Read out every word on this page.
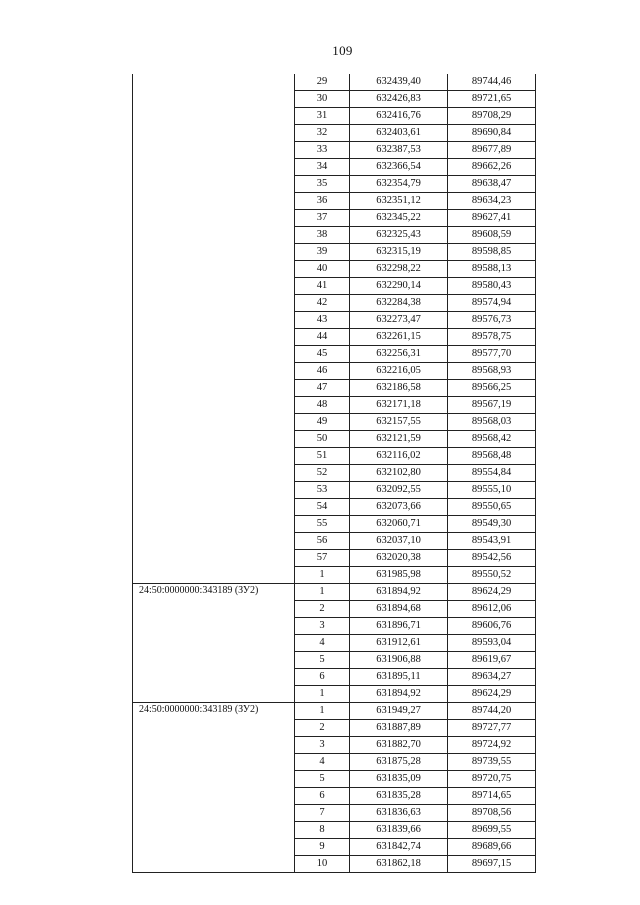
109
	29	632439,40	89744,46
	30	632426,83	89721,65
	31	632416,76	89708,29
	32	632403,61	89690,84
	33	632387,53	89677,89
	34	632366,54	89662,26
	35	632354,79	89638,47
	36	632351,12	89634,23
	37	632345,22	89627,41
	38	632325,43	89608,59
	39	632315,19	89598,85
	40	632298,22	89588,13
	41	632290,14	89580,43
	42	632284,38	89574,94
	43	632273,47	89576,73
	44	632261,15	89578,75
	45	632256,31	89577,70
	46	632216,05	89568,93
	47	632186,58	89566,25
	48	632171,18	89567,19
	49	632157,55	89568,03
	50	632121,59	89568,42
	51	632116,02	89568,48
	52	632102,80	89554,84
	53	632092,55	89555,10
	54	632073,66	89550,65
	55	632060,71	89549,30
	56	632037,10	89543,91
	57	632020,38	89542,56
	1	631985,98	89550,52
24:50:0000000:343189 (ЗУ2)	1	631894,92	89624,29
	2	631894,68	89612,06
	3	631896,71	89606,76
	4	631912,61	89593,04
	5	631906,88	89619,67
	6	631895,11	89634,27
	1	631894,92	89624,29
24:50:0000000:343189 (ЗУ2)	1	631949,27	89744,20
	2	631887,89	89727,77
	3	631882,70	89724,92
	4	631875,28	89739,55
	5	631835,09	89720,75
	6	631835,28	89714,65
	7	631836,63	89708,56
	8	631839,66	89699,55
	9	631842,74	89689,66
	10	631862,18	89697,15
